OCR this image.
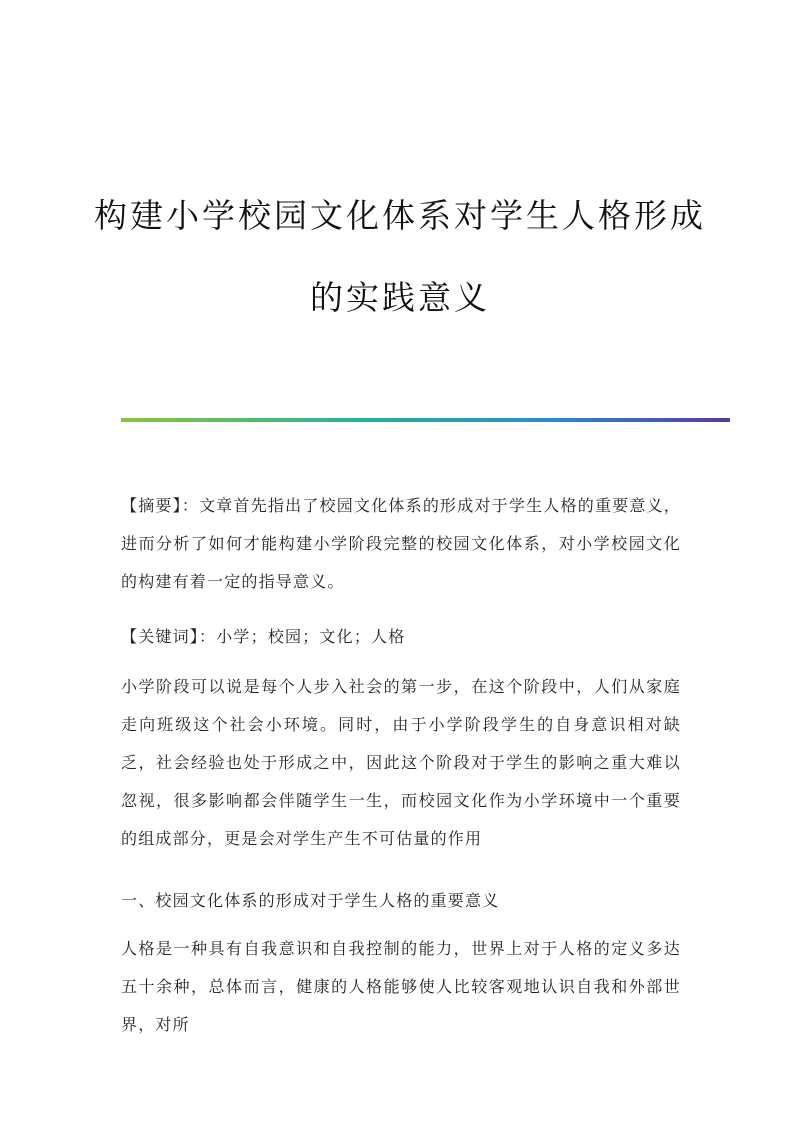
构建小学校园文化体系对学生人格形成
的实践意义

【摘要】：文章首先指出了校园文化体系的形成对于学生人格的重要意义，进而分析了如何才能构建小学阶段完整的校园文化体系，对小学校园文化的构建有着一定的指导意义。

【关键词】：小学；校园；文化；人格

小学阶段可以说是每个人步入社会的第一步，在这个阶段中，人们从家庭走向班级这个社会小环境。同时，由于小学阶段学生的自身意识相对缺乏，社会经验也处于形成之中，因此这个阶段对于学生的影响之重大难以忽视，很多影响都会伴随学生一生，而校园文化作为小学环境中一个重要的组成部分，更是会对学生产生不可估量的作用

一、校园文化体系的形成对于学生人格的重要意义

人格是一种具有自我意识和自我控制的能力，世界上对于人格的定义多达五十余种，总体而言，健康的人格能够使人比较客观地认识自我和外部世界，对所
